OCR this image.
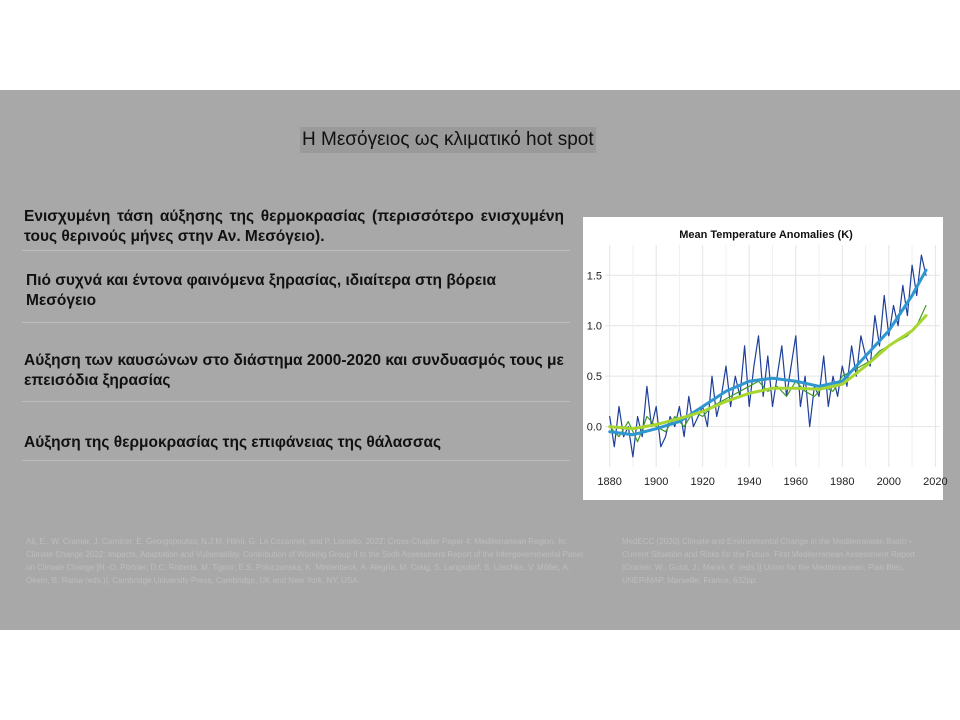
Η Μεσόγειος ως κλιματικό hot spot
Ενισχυμένη τάση αύξησης της θερμοκρασίας (περισσότερο ενισχυμένη τους θερινούς μήνες στην Αν. Μεσόγειο).
Πιό συχνά και έντονα φαινόμενα ξηρασίας, ιδιαίτερα στη βόρεια Μεσόγειο
Αύξηση των καυσώνων στο διάστημα 2000-2020 και συνδυασμός τους με επεισόδια ξηρασίας
Αύξηση της θερμοκρασίας της επιφάνειας της θάλασσας
Mean Temperature Anomalies (K)
1880 1900 1920 1940 1960 1980 2000 2020
0.0
0.5
1.0
1.5
Ali, E., W. Cramer, J. Carnicer, E. Georgopoulou, N.J.M. Hilmi, G. Le Cozannet, and P. Lionello, 2022: Cross-Chapter Paper 4: Mediterranean Region. In: Climate Change 2022: Impacts, Adaptation and Vulnerability. Contribution of Working Group II to the Sixth Assessment Report of the Intergovernmental Panel on Climate Change [H.-O. Pörtner, D.C. Roberts, M. Tignor, E.S. Poloczanska, K. Mintenbeck, A. Alegría, M. Craig, S. Langsdorf, S. Löschke, V. Möller, A. Okem, B. Rama (eds.)]. Cambridge University Press, Cambridge, UK and New York, NY, USA.
MedECC (2020) Climate and Environmental Change in the Mediterranean Basin – Current Situation and Risks for the Future. First Mediterranean Assessment Report [Cramer, W., Guiot, J., Marini, K. (eds.)] Union for the Mediterranean, Plan Bleu, UNEP/MAP, Marseille, France, 632pp.
